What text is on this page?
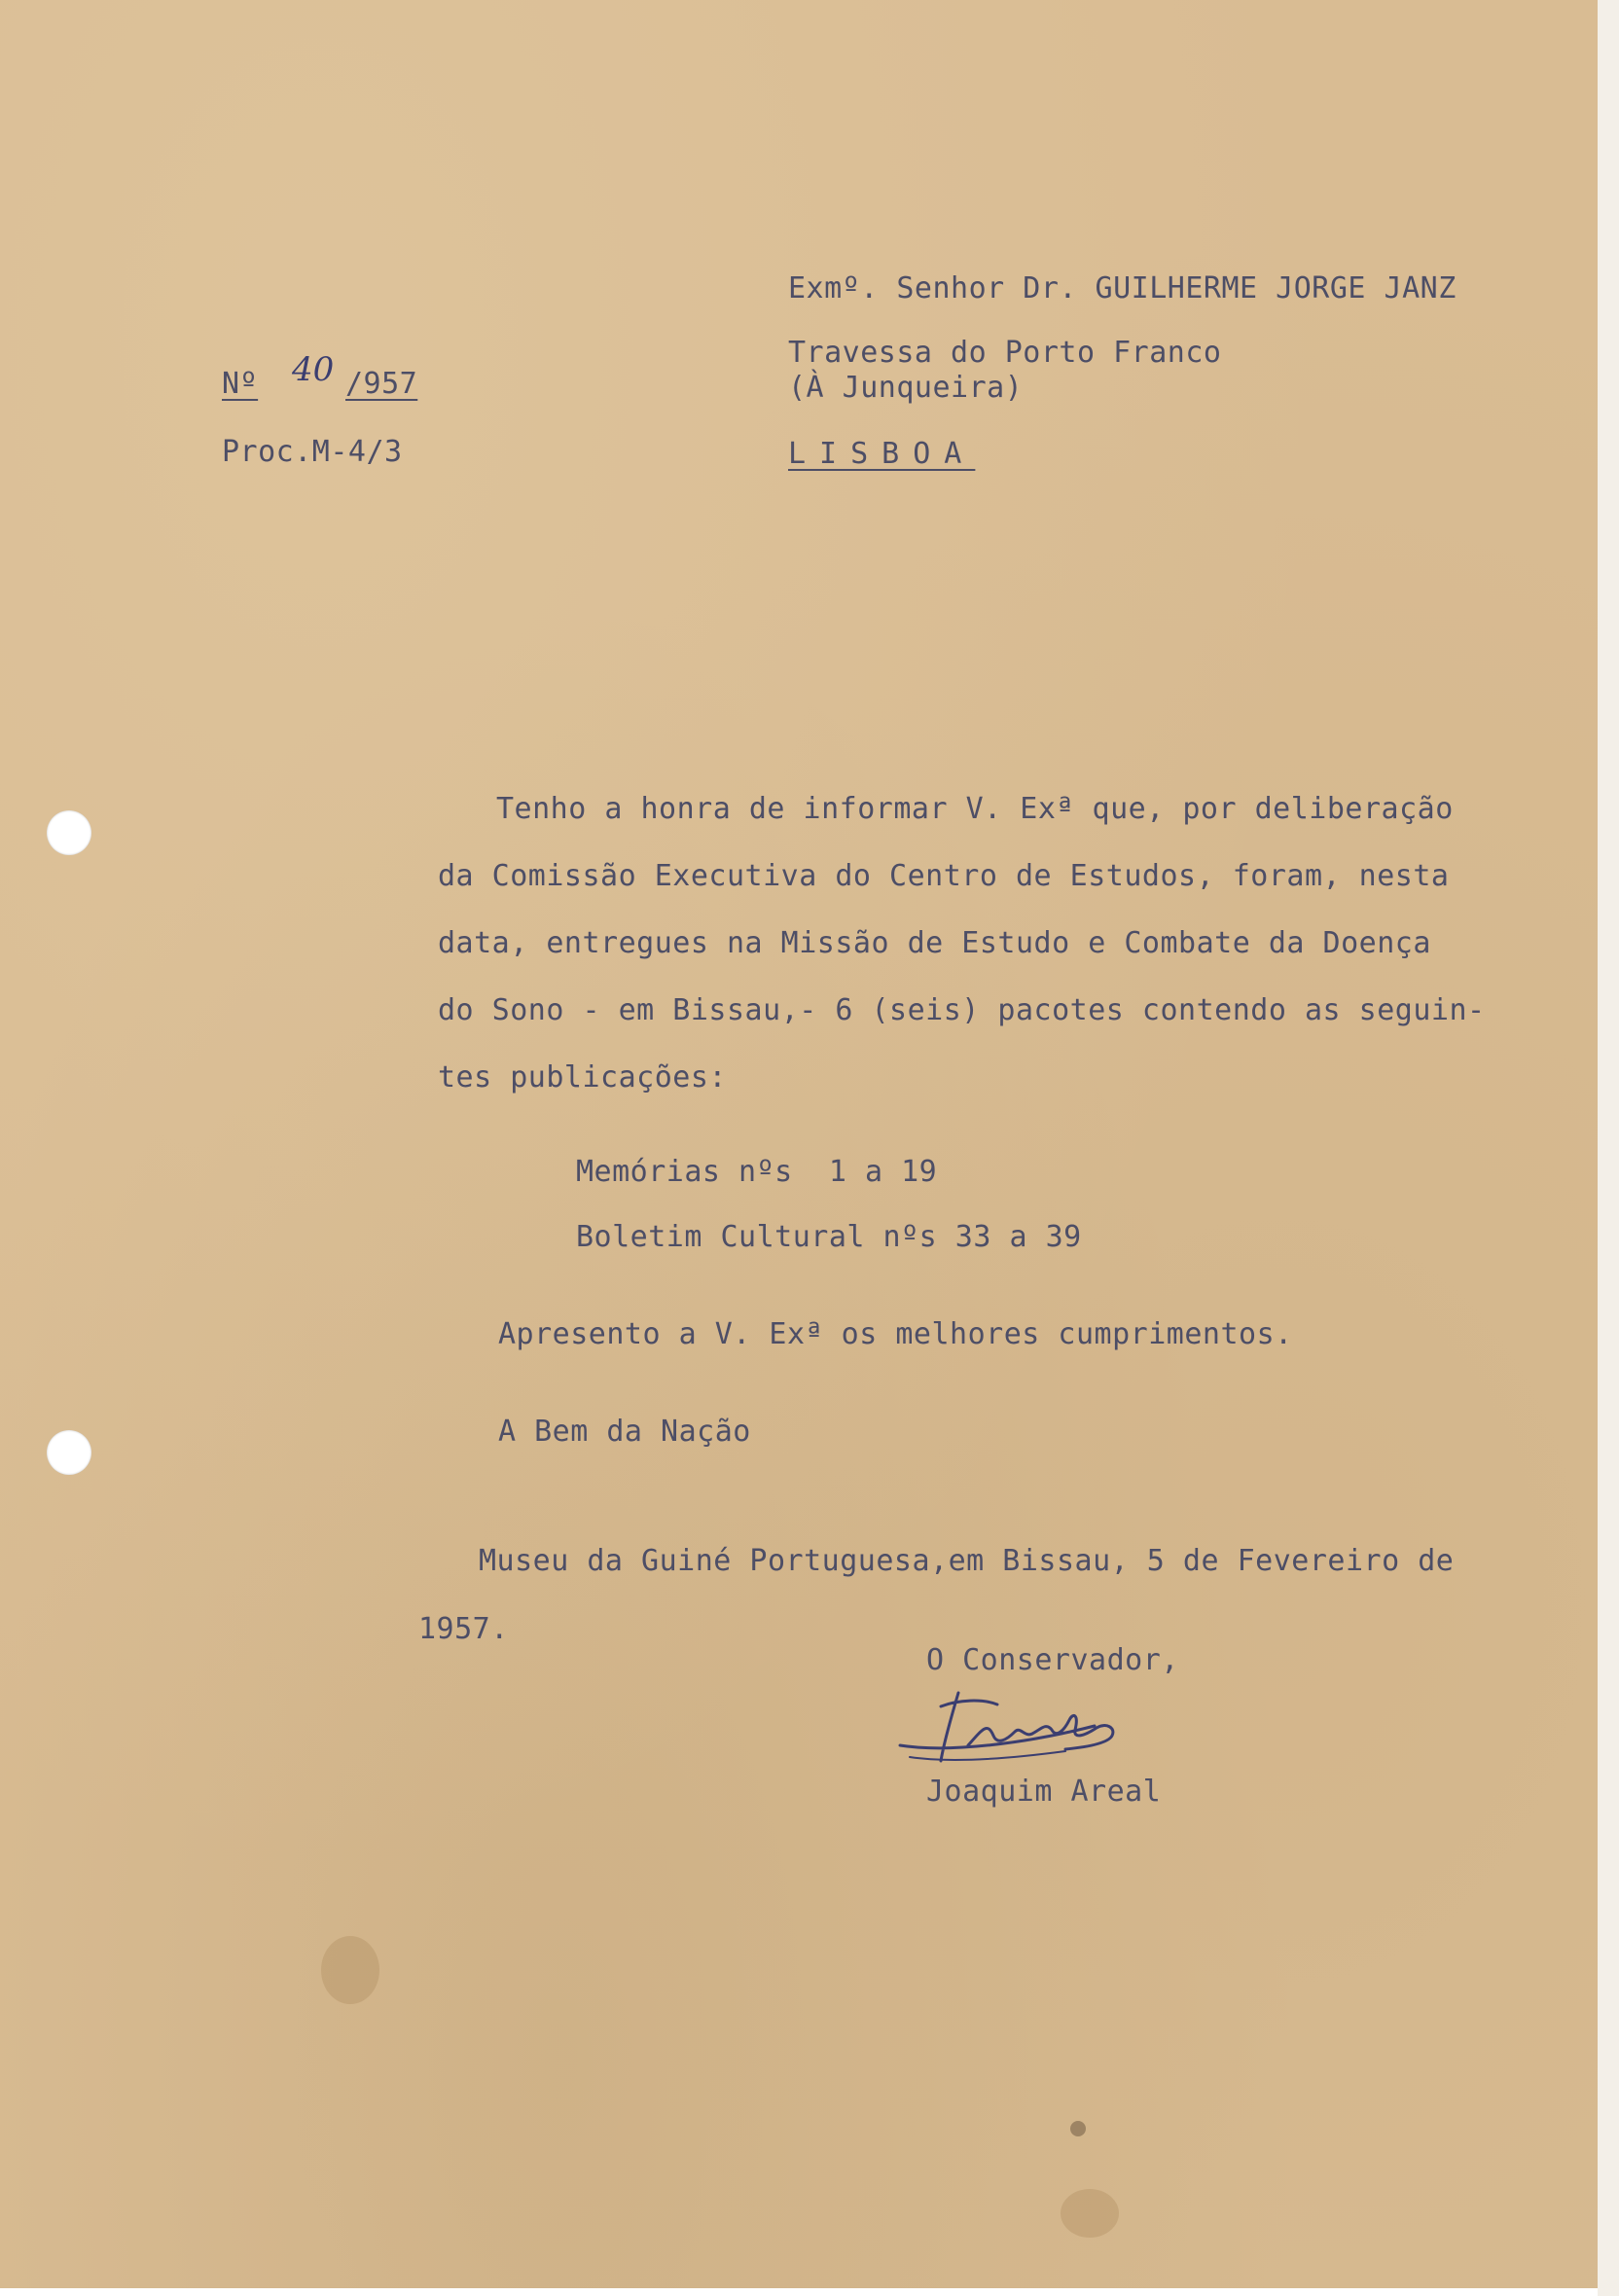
Nº 40 /957
Proc.M-4/3
Exmº. Senhor Dr. GUILHERME JORGE JANZ
Travessa do Porto Franco
(À Junqueira)
LISBOA
Tenho a honra de informar V. Exª que, por deliberação
da Comissão Executiva do Centro de Estudos, foram, nesta
data, entregues na Missão de Estudo e Combate da Doença
do Sono - em Bissau,- 6 (seis) pacotes contendo as seguin-
tes publicações:
Memórias nºs  1 a 19
Boletim Cultural nºs 33 a 39
Apresento a V. Exª os melhores cumprimentos.
A Bem da Nação
Museu da Guiné Portuguesa,em Bissau, 5 de Fevereiro de
1957.
O Conservador,
Joaquim Areal
